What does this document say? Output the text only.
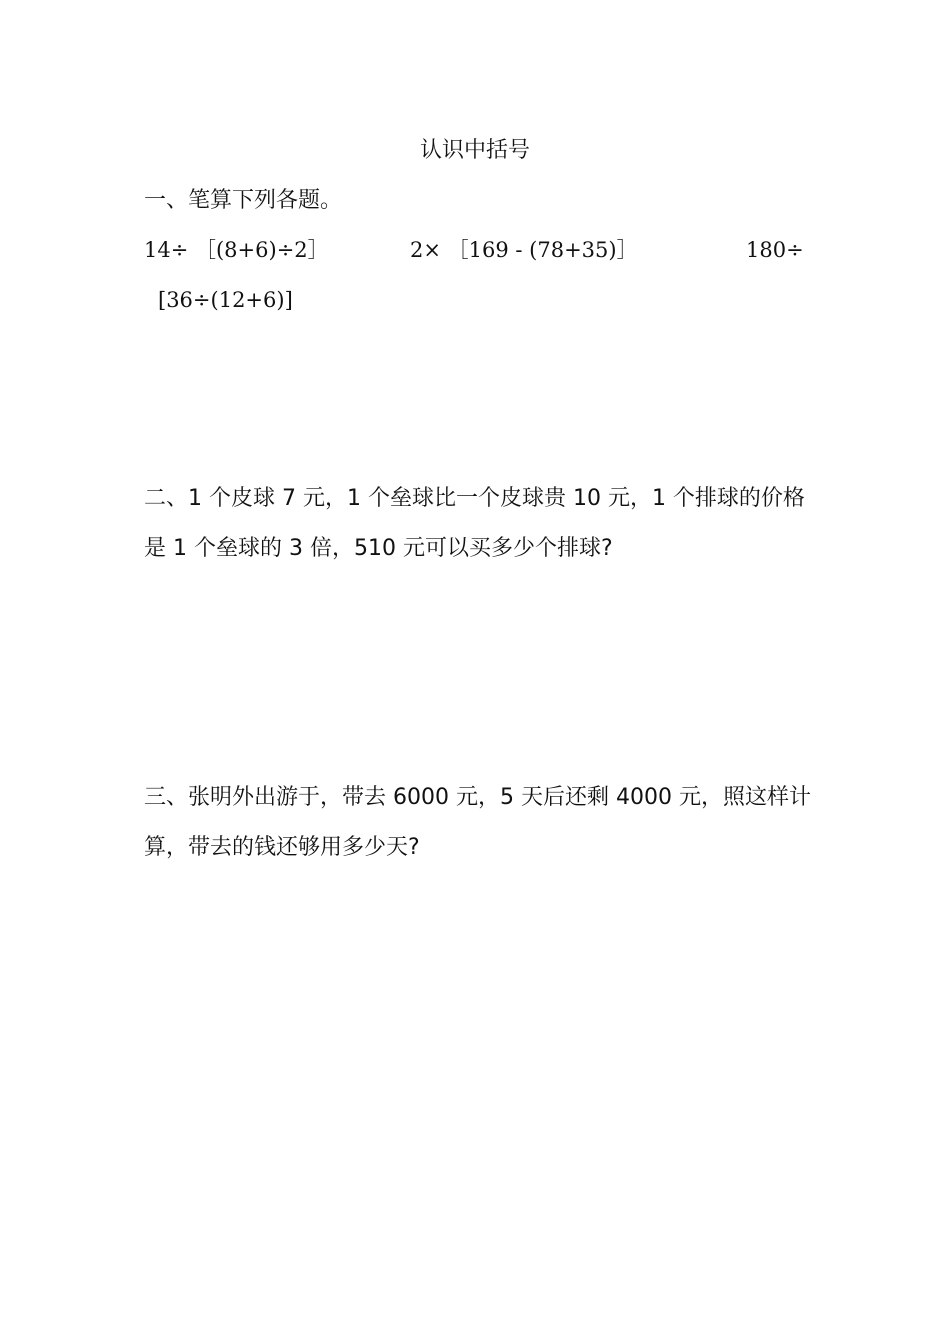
认识中括号
一、笔算下列各题。
14÷ ［(8+6)÷2］	2× ［169 - (78+35)］	180÷
[36÷(12+6)]
二、1 个皮球 7 元，1 个垒球比一个皮球贵 10 元，1 个排球的价格
是 1 个垒球的 3 倍，510 元可以买多少个排球?
三、张明外出游于，带去 6000 元，5 天后还剩 4000 元，照这样计
算，带去的钱还够用多少天?
